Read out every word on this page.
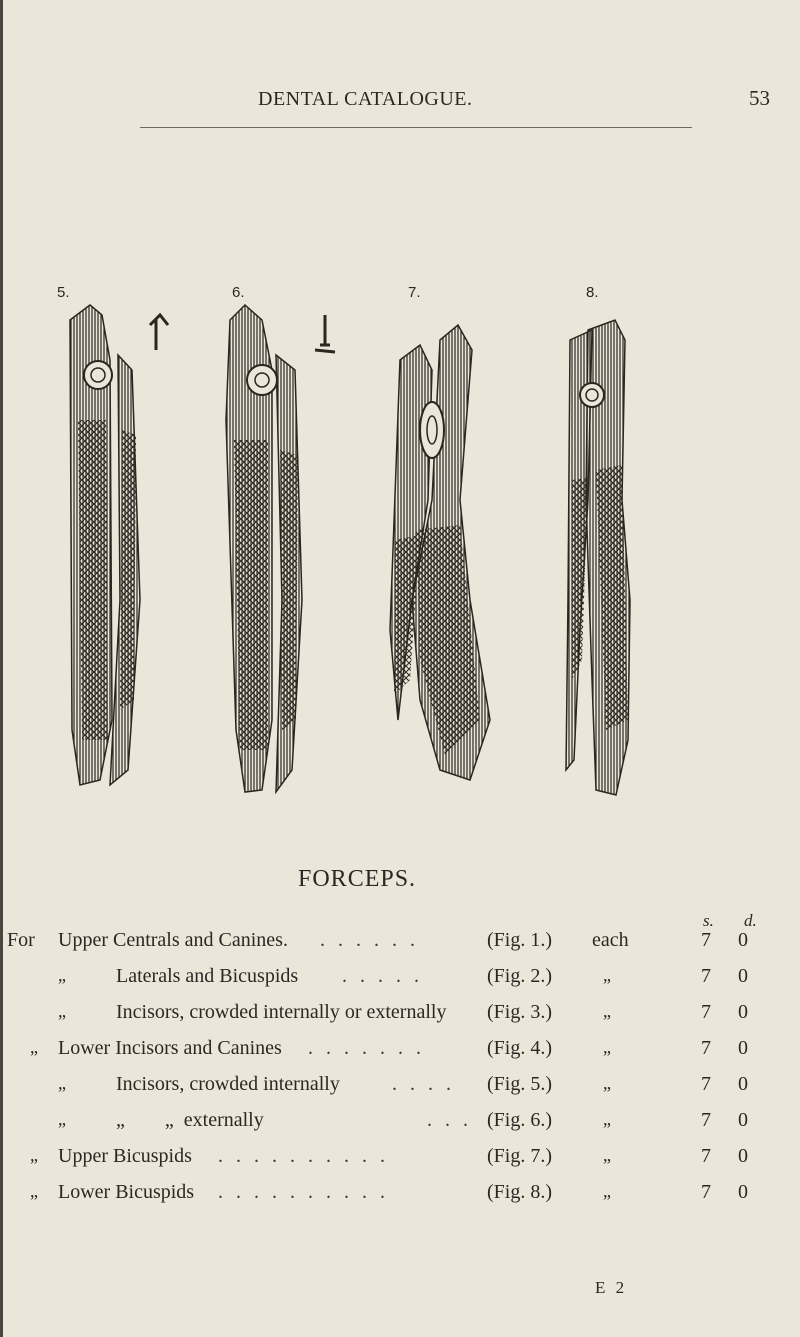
DENTAL CATALOGUE.	53
5.	6.	7.	8.
FORCEPS.
s. d.
For Upper Centrals and Canines. . . . . . .	(Fig. 1.) each	7 0
„	Laterals and Bicuspids . . . . .	(Fig. 2.)	„	7 0
„	Incisors, crowded internally or externally (Fig. 3.)	„	7 0
„ Lower Incisors and Canines . . . . . . .	(Fig. 4.)	„	7 0
„	Incisors, crowded internally	. . . . (Fig. 5.)	„	7 0
„	„        „  externally	. . . (Fig. 6.)	„	7 0
„ Upper Bicuspids . . . . . . . . . .	(Fig. 7.)	„	7 0
„ Lower Bicuspids . . . . . . . . . .	(Fig. 8.)	„	7 0
E 2
